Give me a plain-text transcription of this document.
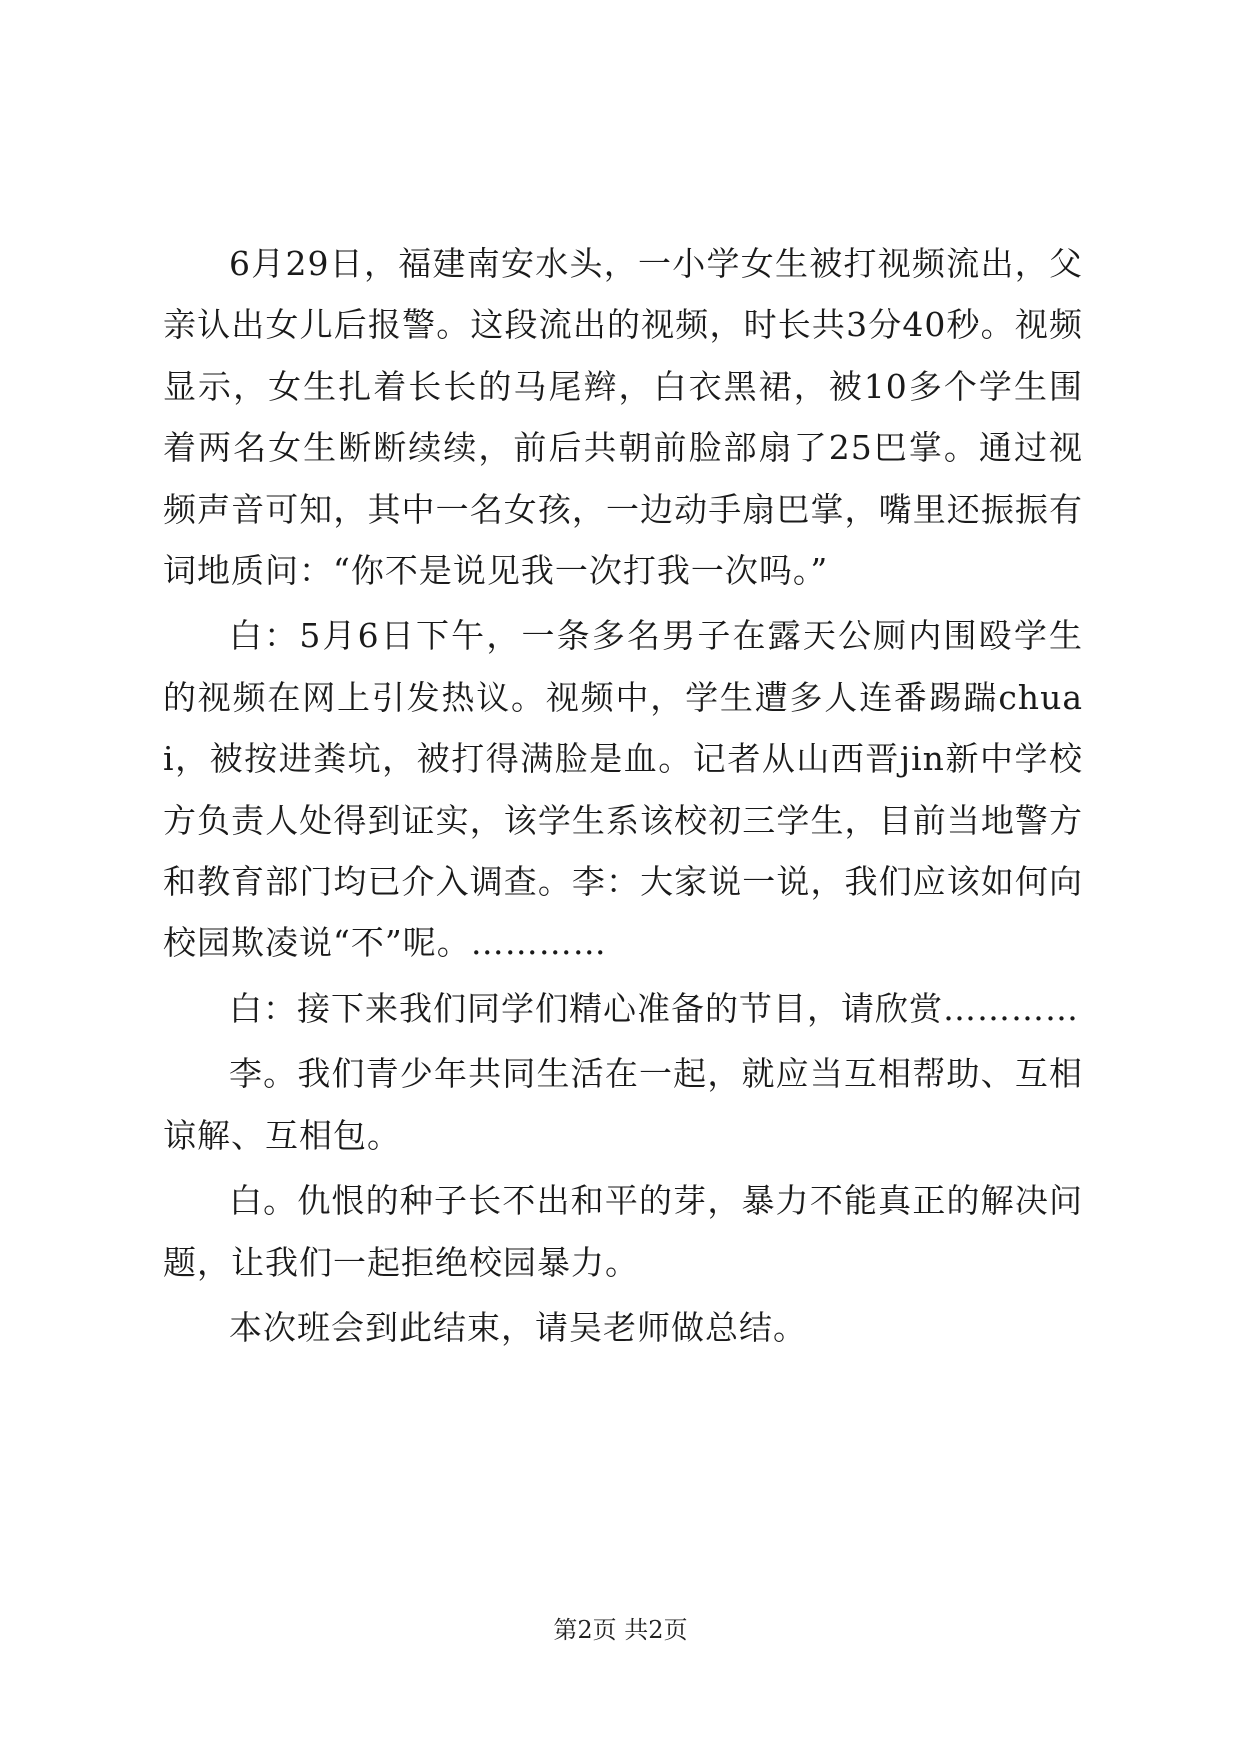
6月29日，福建南安水头，一小学女生被打视频流出，父亲认出女儿后报警。这段流出的视频，时长共3分40秒。视频显示，女生扎着长长的马尾辫，白衣黑裙，被10多个学生围着两名女生断断续续，前后共朝前脸部扇了25巴掌。通过视频声音可知，其中一名女孩，一边动手扇巴掌，嘴里还振振有词地质问：“你不是说见我一次打我一次吗。”

白：5月6日下午，一条多名男子在露天公厕内围殴学生的视频在网上引发热议。视频中，学生遭多人连番踢踹chuai，被按进粪坑，被打得满脸是血。记者从山西晋jin新中学校方负责人处得到证实，该学生系该校初三学生，目前当地警方和教育部门均已介入调查。李：大家说一说，我们应该如何向校园欺凌说“不”呢。…………

白：接下来我们同学们精心准备的节目，请欣赏…………

李。我们青少年共同生活在一起，就应当互相帮助、互相谅解、互相包。

白。仇恨的种子长不出和平的芽，暴力不能真正的解决问题，让我们一起拒绝校园暴力。

本次班会到此结束，请吴老师做总结。

第2页 共2页
